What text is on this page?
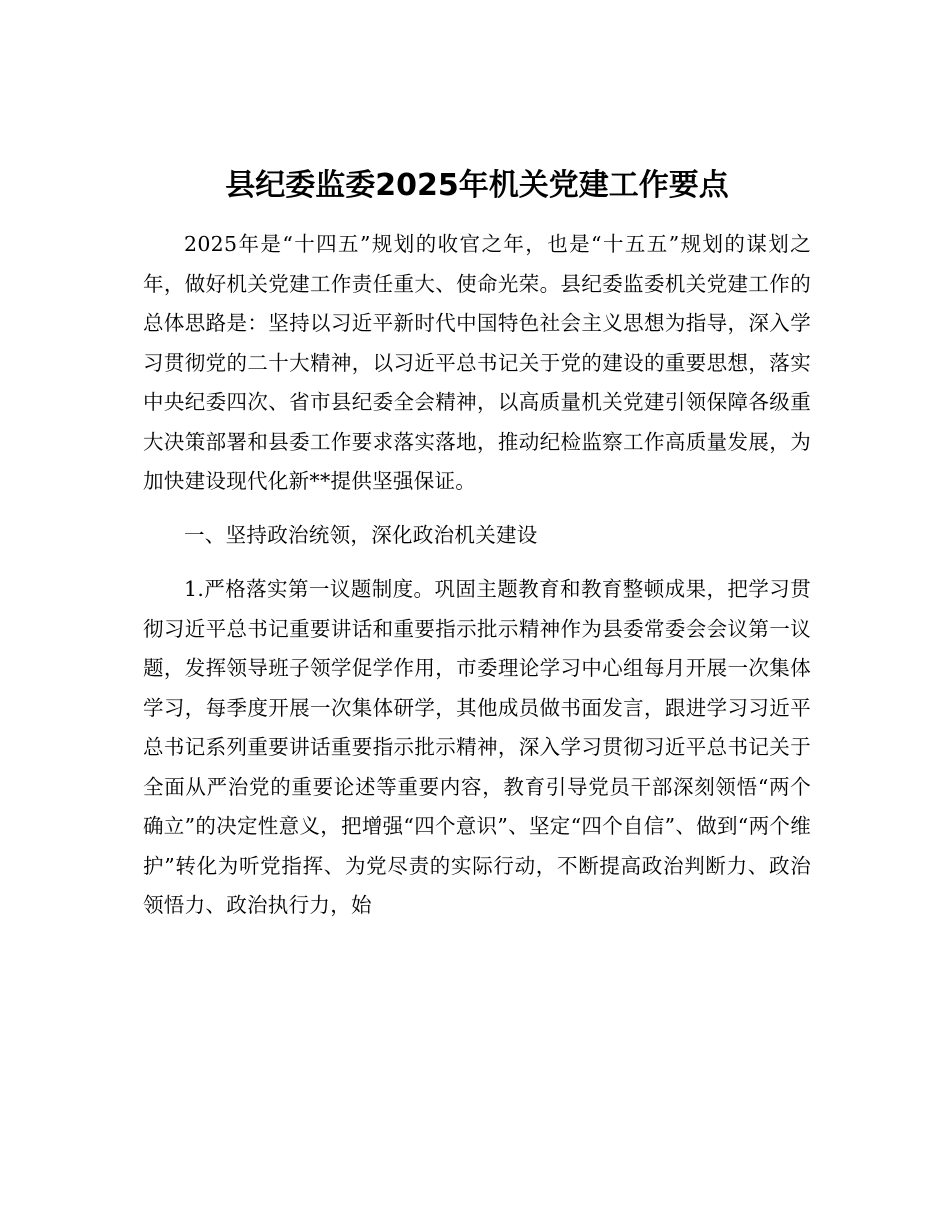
县纪委监委2025年机关党建工作要点

2025年是“十四五”规划的收官之年，也是“十五五”规划的谋划之年，做好机关党建工作责任重大、使命光荣。县纪委监委机关党建工作的总体思路是：坚持以习近平新时代中国特色社会主义思想为指导，深入学习贯彻党的二十大精神，以习近平总书记关于党的建设的重要思想，落实中央纪委四次、省市县纪委全会精神，以高质量机关党建引领保障各级重大决策部署和县委工作要求落实落地，推动纪检监察工作高质量发展，为加快建设现代化新**提供坚强保证。

一、坚持政治统领，深化政治机关建设

1.严格落实第一议题制度。巩固主题教育和教育整顿成果，把学习贯彻习近平总书记重要讲话和重要指示批示精神作为县委常委会会议第一议题，发挥领导班子领学促学作用，市委理论学习中心组每月开展一次集体学习，每季度开展一次集体研学，其他成员做书面发言，跟进学习习近平总书记系列重要讲话重要指示批示精神，深入学习贯彻习近平总书记关于全面从严治党的重要论述等重要内容，教育引导党员干部深刻领悟“两个确立”的决定性意义，把增强“四个意识”、坚定“四个自信”、做到“两个维护”转化为听党指挥、为党尽责的实际行动，不断提高政治判断力、政治领悟力、政治执行力，始
